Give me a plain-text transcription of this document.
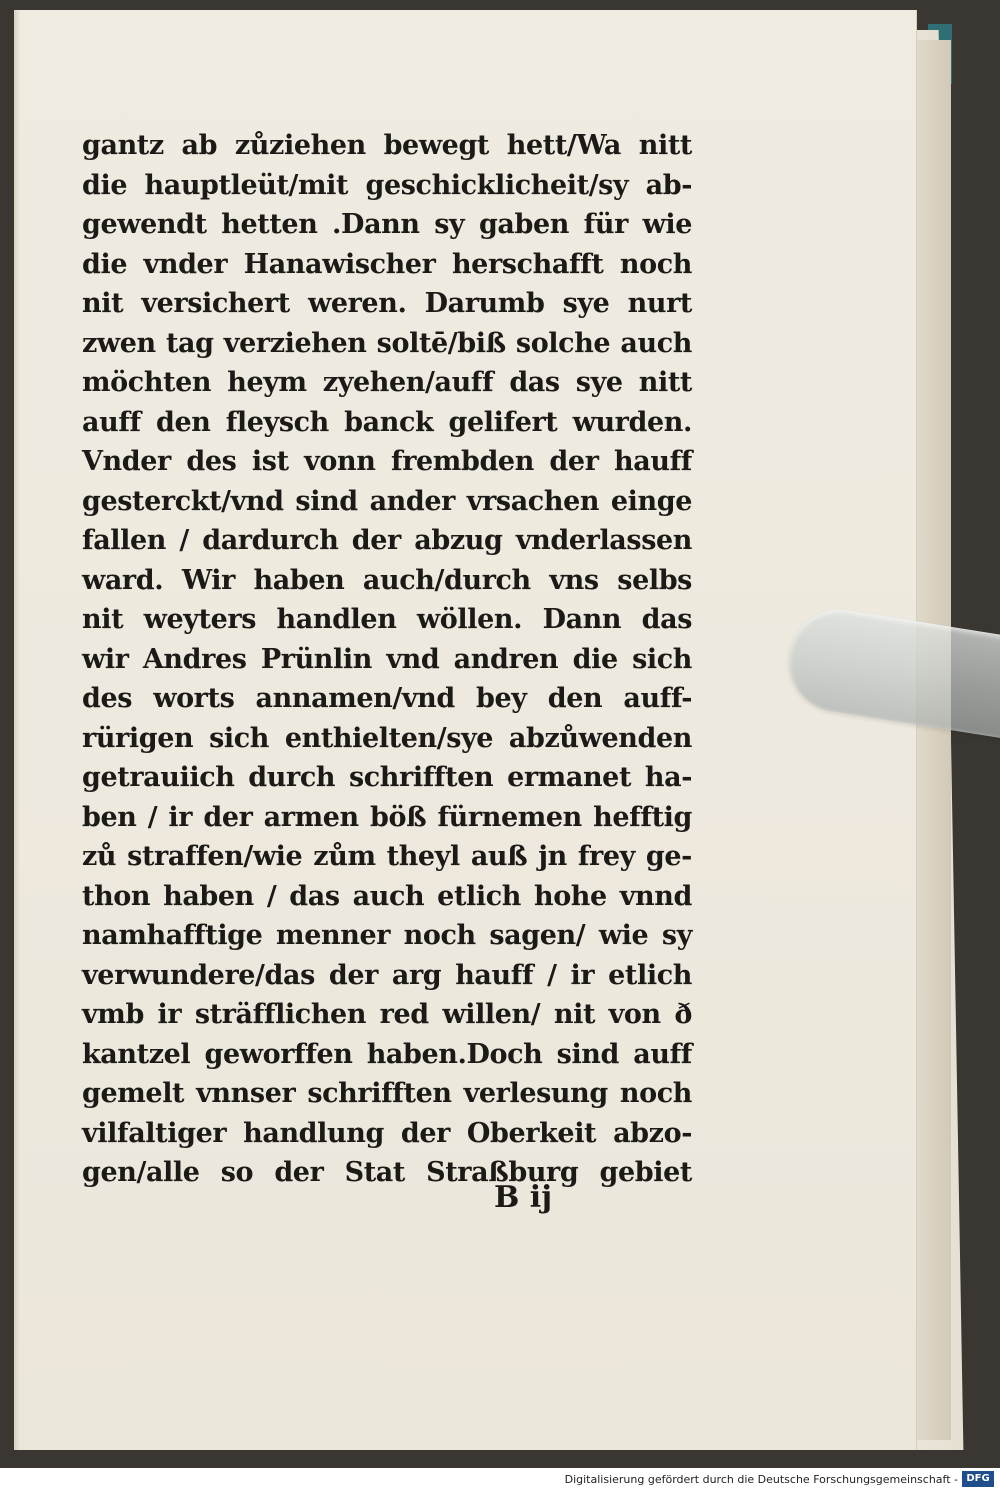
gantz ab zůziehen bewegt hett/Wa nitt
die hauptleüt/mit geschicklicheit/sy ab-
gewendt hetten .Dann sy gaben für wie
die vnder Hanawischer herschafft noch
nit versichert weren. Darumb sye nurt
zwen tag verziehen soltē/biß solche auch
möchten heym zyehen/auff das sye nitt
auff den fleysch banck gelifert wurden.
Vnder des ist vonn frembden der hauff
gesterckt/vnd sind ander vrsachen einge
fallen / dardurch der abzug vnderlassen
ward. Wir haben auch/durch vns selbs
nit weyters handlen wöllen. Dann das
wir Andres Prünlin vnd andren die sich
des worts annamen/vnd bey den auff-
rürigen sich enthielten/sye abzůwenden
getrauiich durch schrifften ermanet ha-
ben / ir der armen böß fürnemen hefftig
zů straffen/wie zům theyl auß jn frey ge-
thon haben / das auch etlich hohe vnnd
namhafftige menner noch sagen/ wie sy
verwundere/das der arg hauff / ir etlich
vmb ir sträfflichen red willen/ nit von ð
kantzel geworffen haben.Doch sind auff
gemelt vnnser schrifften verlesung noch
vilfaltiger handlung der Oberkeit abzo-
gen/alle so der Stat Straßburg gebiet
B ij
Digitalisierung gefördert durch die Deutsche Forschungsgemeinschaft - DFG
